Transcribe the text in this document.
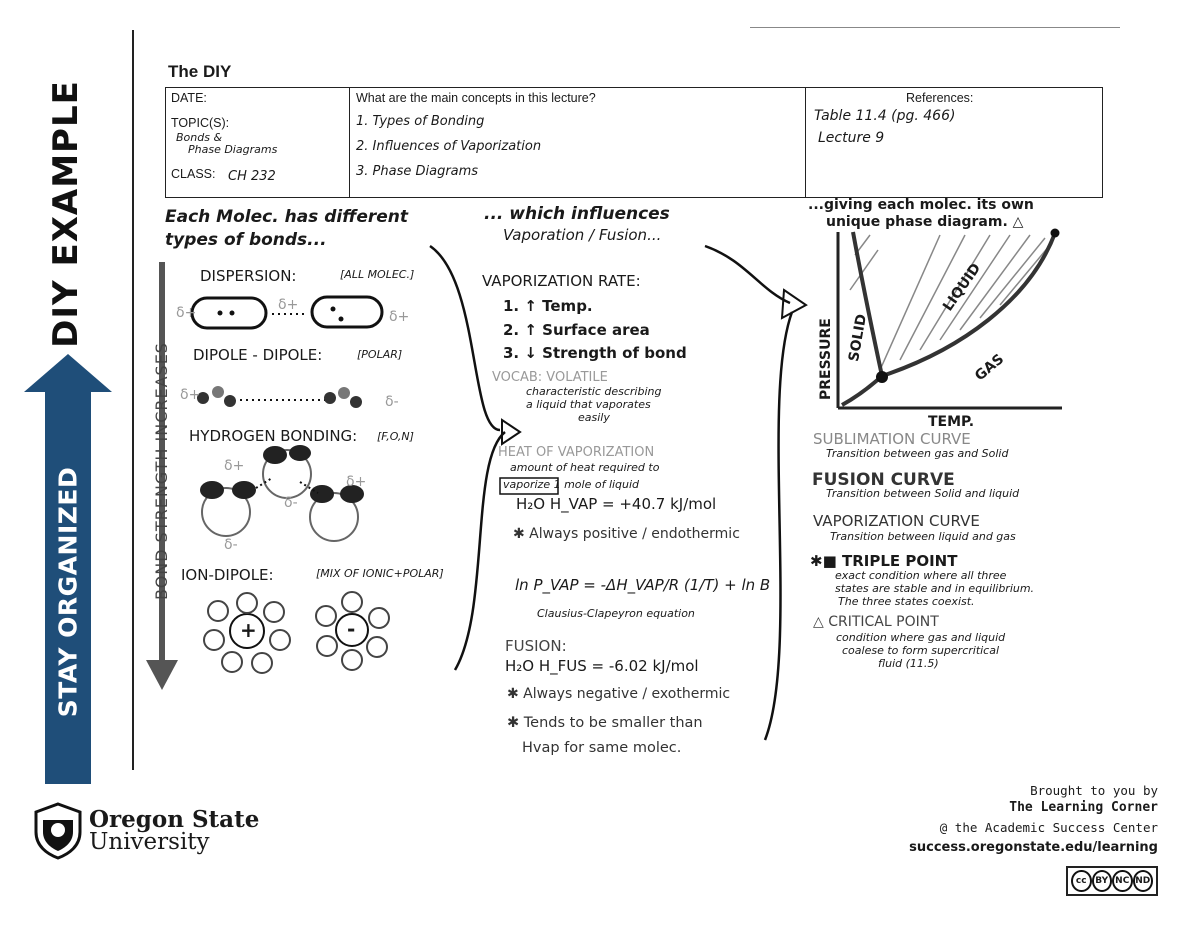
STAY ORGANIZED
DIY EXAMPLE
The DIY
DATE:
TOPIC(S):
Bonds &
Phase Diagrams
CLASS: CH 232
What are the main concepts in this lecture?
1. Types of Bonding
2. Influences of Vaporization
3. Phase Diagrams
References:
Table 11.4 (pg. 466)
Lecture 9
Each Molec. has different
types of bonds...
BOND STRENGTH INCREASES
DISPERSION:	[ALL MOLEC.]
δ+	δ+
δ+
DIPOLE - DIPOLE:	[POLAR]
δ+	δ-
HYDROGEN BONDING: [F,O,N]
δ+
δ-
δ-
δ+
ION-DIPOLE:	[MIX OF IONIC+POLAR]
+	-
... which influences
Vaporation / Fusion...
VAPORIZATION RATE:
1. ↑ Temp.
2. ↑ Surface area
3. ↓ Strength of bond
VOCAB: VOLATILE
characteristic describing
a liquid that vaporates
easily
HEAT OF VAPORIZATION
amount of heat required to
vaporize 1 mole of liquid
H₂O H_VAP = +40.7 kJ/mol
✱ Always positive / endothermic
ln P_VAP = -ΔH_VAP/R (1/T) + ln B
Clausius-Clapeyron equation
FUSION:
H₂O H_FUS = -6.02 kJ/mol
✱ Always negative / exothermic
✱ Tends to be smaller than
Hvap for same molec.
...giving each molec. its own
unique phase diagram. △
PRESSURE
TEMP.
SOLID
LIQUID
GAS
SUBLIMATION CURVE
Transition between gas and Solid
FUSION CURVE
Transition between Solid and liquid
VAPORIZATION CURVE
Transition between liquid and gas
✱■ TRIPLE POINT
exact condition where all three
states are stable and in equilibrium.
The three states coexist.
△ CRITICAL POINT
condition where gas and liquid
coalese to form supercritical
fluid (11.5)
Oregon State
University
Brought to you by
The Learning Corner
@ the Academic Success Center
success.oregonstate.edu/learning
cc BY NC ND
